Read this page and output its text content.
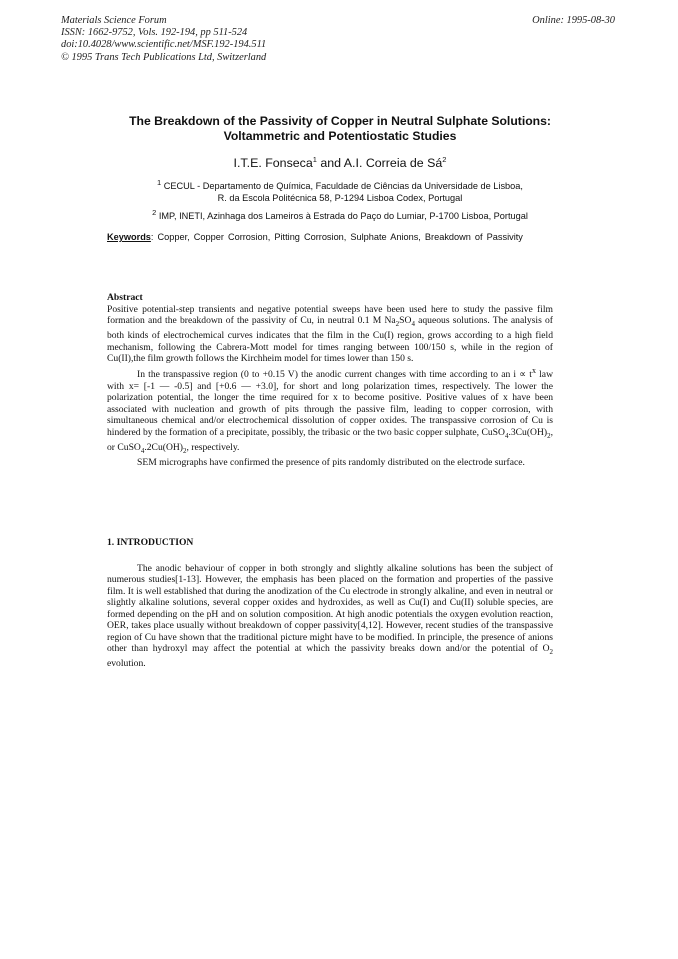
Materials Science Forum
ISSN: 1662-9752, Vols. 192-194, pp 511-524
doi:10.4028/www.scientific.net/MSF.192-194.511
© 1995 Trans Tech Publications Ltd, Switzerland
Online: 1995-08-30
The Breakdown of the Passivity of Copper in Neutral Sulphate Solutions:
Voltammetric and Potentiostatic Studies
I.T.E. Fonseca$^1$ and A.I. Correia de $Sá^2$
$^1$ CECUL - Departamento de Química, Faculdade de Ciências da Universidade de Lisboa,
R. da Escola Politécnica 58, P-1294 Lisboa Codex, Portugal
$^2$ IMP, INETI, Azinhaga dos Lameiros à Estrada do Paço do Lumiar, P-1700 Lisboa, Portugal
Keywords: Copper, Copper Corrosion, Pitting Corrosion, Sulphate Anions, Breakdown of Passivity

Abstract

Positive potential-step transients and negative potential sweeps have been used here to study the passive film formation and the breakdown of the passivity of Cu, in neutral 0.1 M $Na_2SO_4$ aqueous solutions. The analysis of both kinds of electrochemical curves indicates that the film in the Cu(I) region, grows according to a high field mechanism, following the Cabrera-Mott model for times ranging between 100/150 s, while in the region of Cu(II),the film growth follows the Kirchheim model for times lower than 150 s.

In the transpassive region (0 to +0.15 V) the anodic current changes with time according to an $i \propto t^x$ law with x= [-1 — -0.5] and [+0.6 — +3.0], for short and long polarization times, respectively. The lower the polarization potential, the longer the time required for x to become positive. Positive values of x have been associated with nucleation and growth of pits through the passive film, leading to copper corrosion, with simultaneous chemical and/or electrochemical dissolution of copper oxides. The transpassive corrosion of Cu is hindered by the formation of a precipitate, possibly, the tribasic or the two basic copper sulphate, $CuSO_4.3Cu(OH)_2$, or $CuSO_4.2Cu(OH)_2$, respectively.

SEM micrographs have confirmed the presence of pits randomly distributed on the electrode surface.

1. INTRODUCTION

The anodic behaviour of copper in both strongly and slightly alkaline solutions has been the subject of numerous studies[1-13]. However, the emphasis has been placed on the formation and properties of the passive film. It is well established that during the anodization of the Cu electrode in strongly alkaline, and even in neutral or slightly alkaline solutions, several copper oxides and hydroxides, as well as Cu(I) and Cu(II) soluble species, are formed depending on the pH and on solution composition. At high anodic potentials the oxygen evolution reaction, OER, takes place usually without breakdown of copper passivity[4,12]. However, recent studies of the transpassive region of Cu have shown that the traditional picture might have to be modified. In principle, the presence of anions other than hydroxyl may affect the potential at which the passivity breaks down and/or the potential of $O_2$ evolution.
